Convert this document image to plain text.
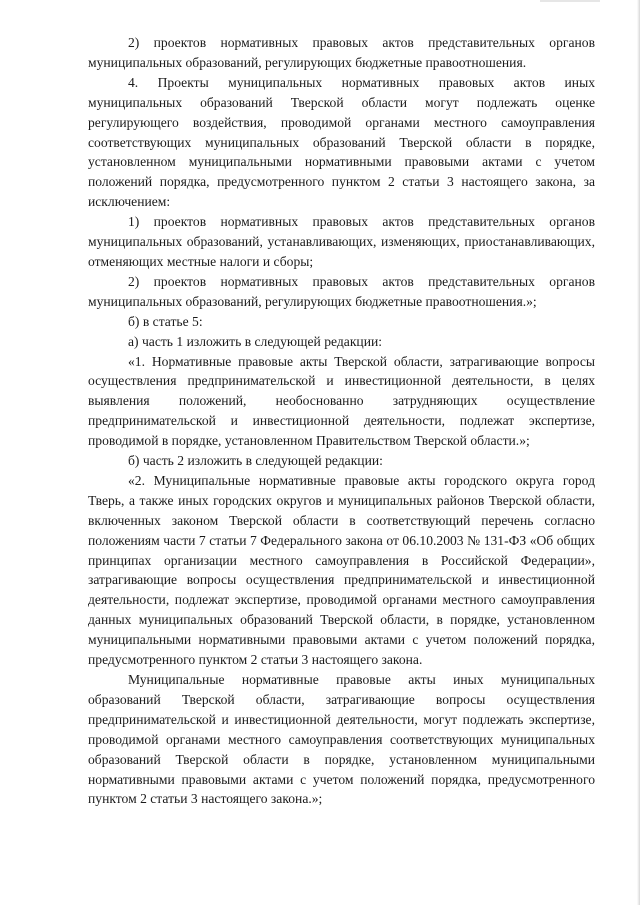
2) проектов нормативных правовых актов представительных органов муниципальных образований, регулирующих бюджетные правоотношения.

4. Проекты муниципальных нормативных правовых актов иных муниципальных образований Тверской области могут подлежать оценке регулирующего воздействия, проводимой органами местного самоуправления соответствующих муниципальных образований Тверской области в порядке, установленном муниципальными нормативными правовыми актами с учетом положений порядка, предусмотренного пунктом 2 статьи 3 настоящего закона, за исключением:

1) проектов нормативных правовых актов представительных органов муниципальных образований, устанавливающих, изменяющих, приостанавливающих, отменяющих местные налоги и сборы;

2) проектов нормативных правовых актов представительных органов муниципальных образований, регулирующих бюджетные правоотношения.»;

б) в статье 5:

а) часть 1 изложить в следующей редакции:

«1. Нормативные правовые акты Тверской области, затрагивающие вопросы осуществления предпринимательской и инвестиционной деятельности, в целях выявления положений, необоснованно затрудняющих осуществление предпринимательской и инвестиционной деятельности, подлежат экспертизе, проводимой в порядке, установленном Правительством Тверской области.»;

б) часть 2 изложить в следующей редакции:

«2. Муниципальные нормативные правовые акты городского округа город Тверь, а также иных городских округов и муниципальных районов Тверской области, включенных законом Тверской области в соответствующий перечень согласно положениям части 7 статьи 7 Федерального закона от 06.10.2003 № 131-ФЗ «Об общих принципах организации местного самоуправления в Российской Федерации», затрагивающие вопросы осуществления предпринимательской и инвестиционной деятельности, подлежат экспертизе, проводимой органами местного самоуправления данных муниципальных образований Тверской области, в порядке, установленном муниципальными нормативными правовыми актами с учетом положений порядка, предусмотренного пунктом 2 статьи 3 настоящего закона.

Муниципальные нормативные правовые акты иных муниципальных образований Тверской области, затрагивающие вопросы осуществления предпринимательской и инвестиционной деятельности, могут подлежать экспертизе, проводимой органами местного самоуправления соответствующих муниципальных образований Тверской области в порядке, установленном муниципальными нормативными правовыми актами с учетом положений порядка, предусмотренного пунктом 2 статьи 3 настоящего закона.»;
